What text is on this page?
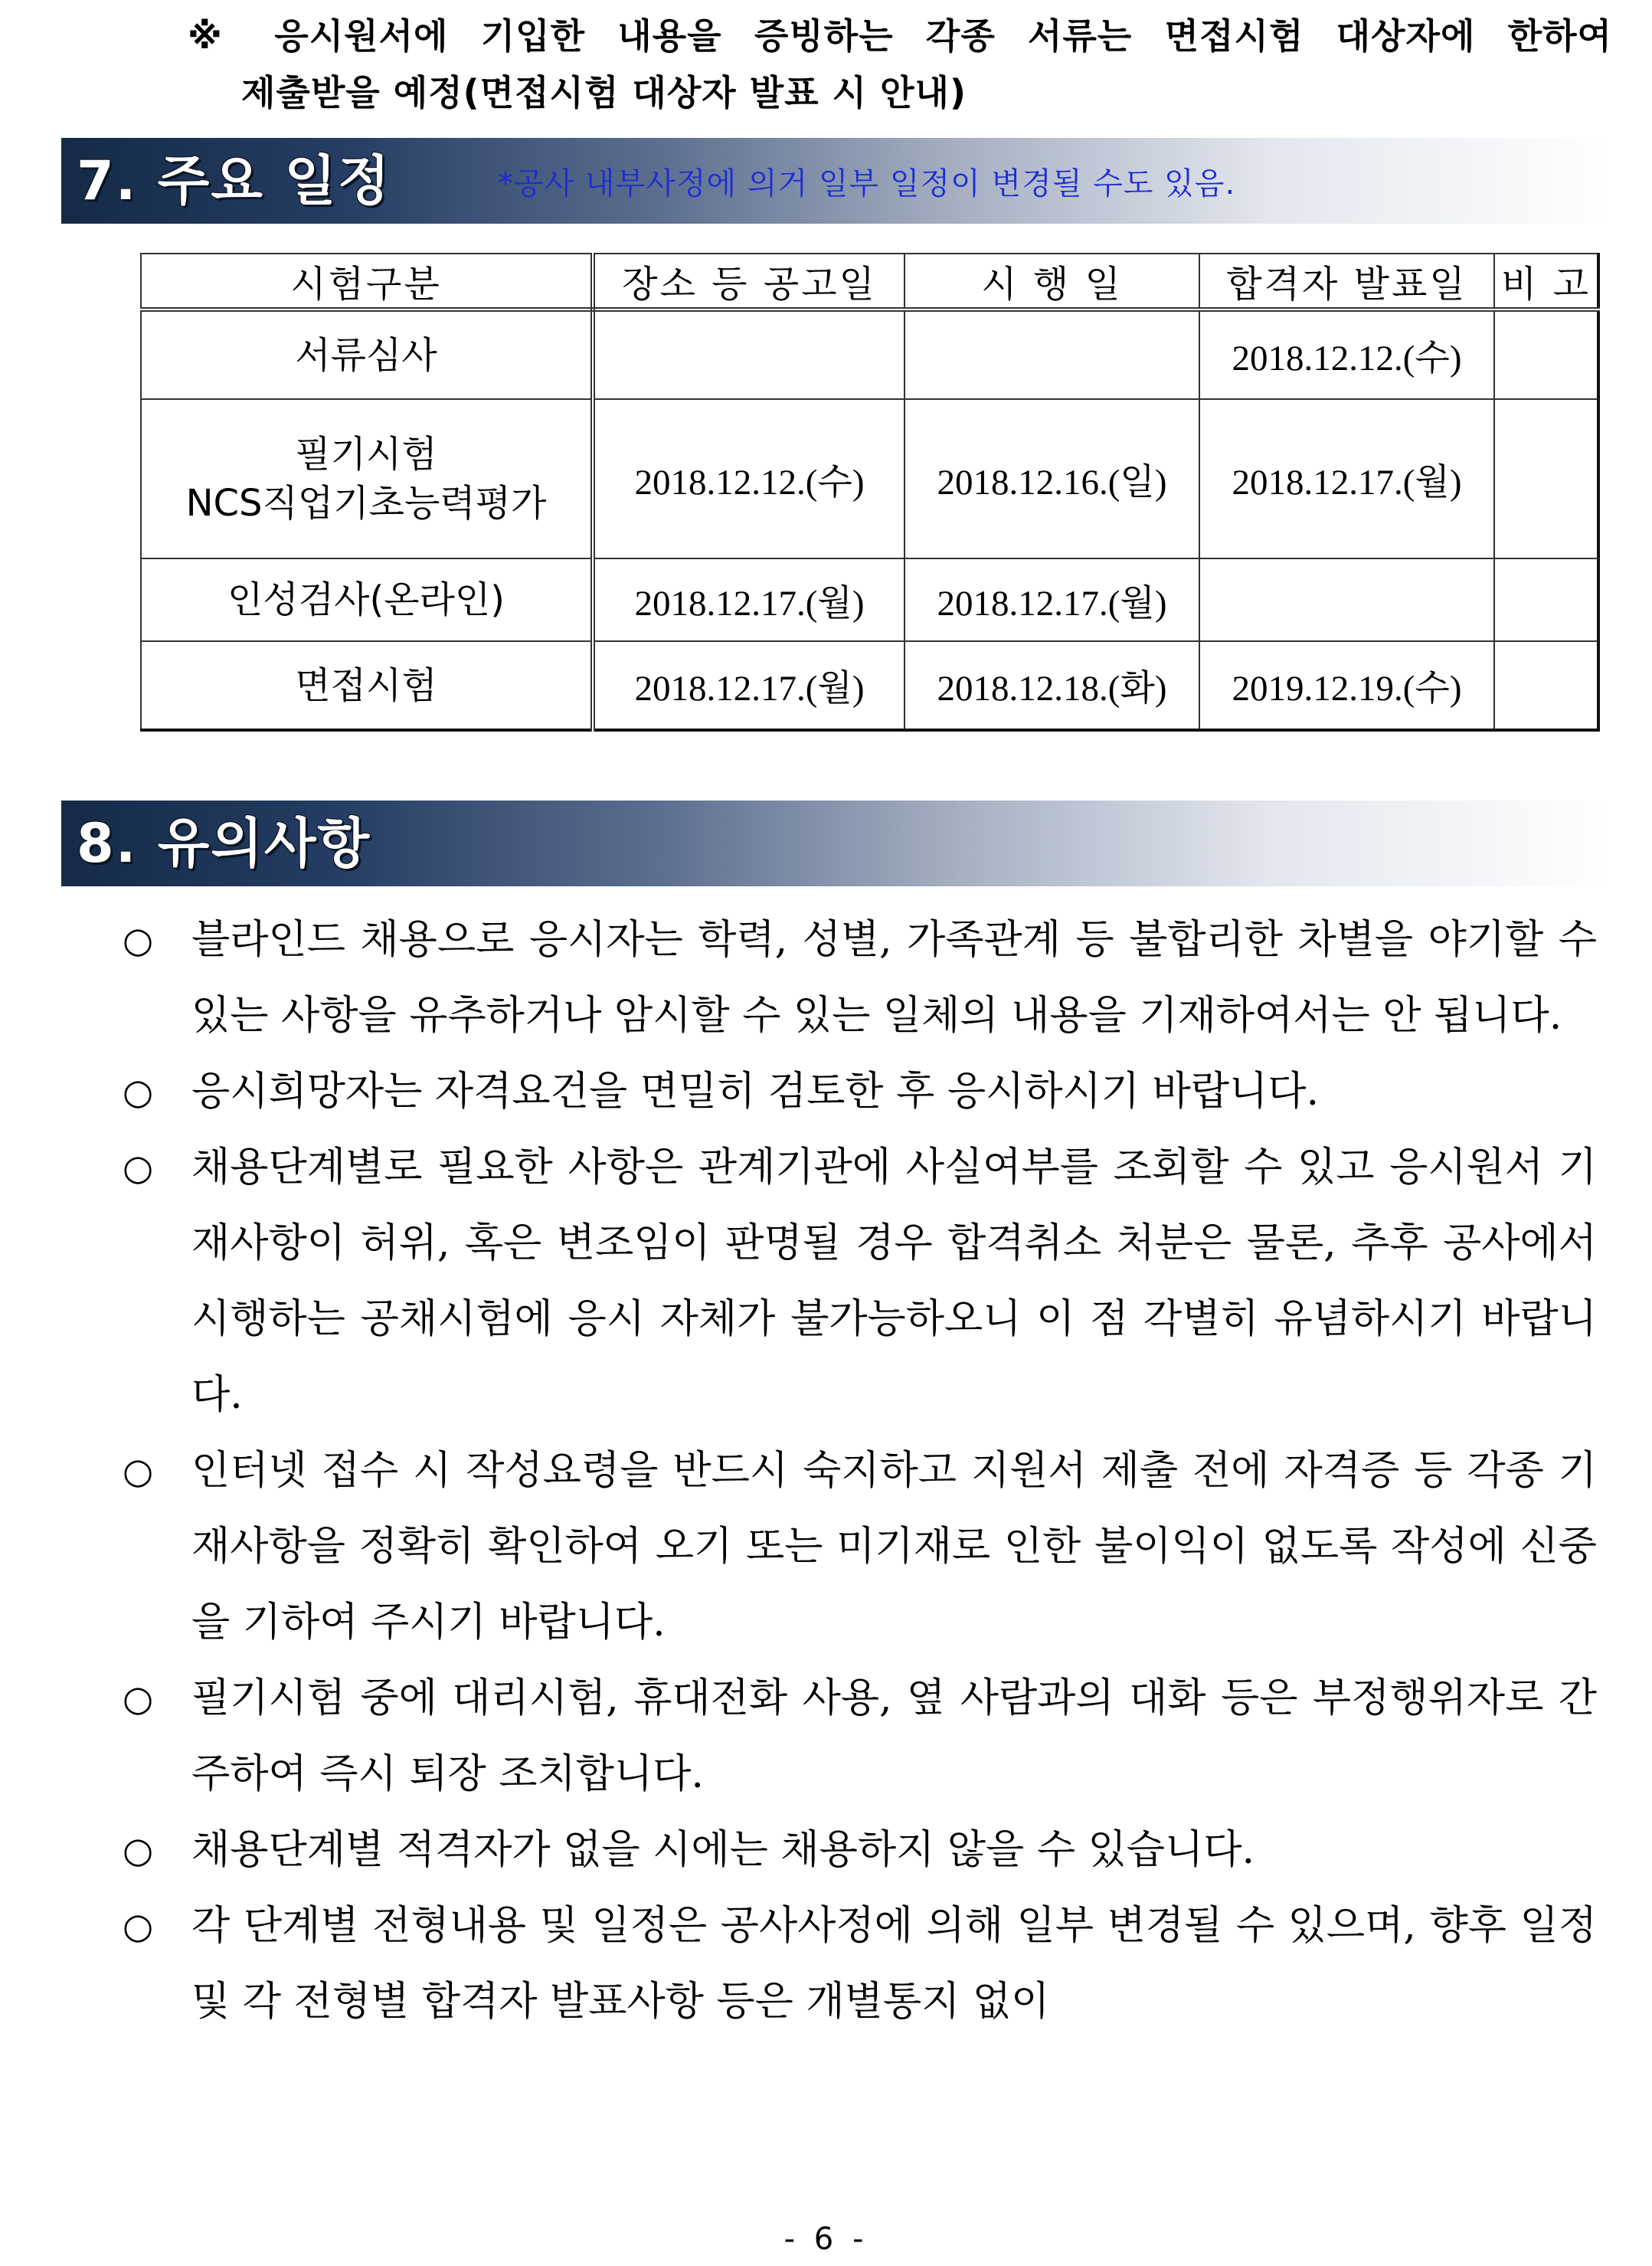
※ 응시원서에 기입한 내용을 증빙하는 각종 서류는 면접시험 대상자에 한하여
제출받을 예정(면접시험 대상자 발표 시 안내)
7. 주요 일정	*공사 내부사정에 의거 일부 일정이 변경될 수도 있음.
시험구분	장소 등 공고일	시 행 일	합격자 발표일	비 고

서류심사			2018.12.12.(수)	

필기시험
NCS직업기초능력평가	2018.12.12.(수)	2018.12.16.(일)	2018.12.17.(월)	

인성검사(온라인)	2018.12.17.(월)	2018.12.17.(월)		

면접시험	2018.12.17.(월)	2018.12.18.(화)	2019.12.19.(수)	
8. 유의사항
○ 블라인드 채용으로 응시자는 학력, 성별, 가족관계 등 불합리한 차별을 야기할 수 있는 사항을 유추하거나 암시할 수 있는 일체의 내용을 기재하여서는 안 됩니다.
○ 응시희망자는 자격요건을 면밀히 검토한 후 응시하시기 바랍니다.
○ 채용단계별로 필요한 사항은 관계기관에 사실여부를 조회할 수 있고 응시원서 기재사항이 허위, 혹은 변조임이 판명될 경우 합격취소 처분은 물론, 추후 공사에서 시행하는 공채시험에 응시 자체가 불가능하오니 이 점 각별히 유념하시기 바랍니다.
○ 인터넷 접수 시 작성요령을 반드시 숙지하고 지원서 제출 전에 자격증 등 각종 기재사항을 정확히 확인하여 오기 또는 미기재로 인한 불이익이 없도록 작성에 신중을 기하여 주시기 바랍니다.
○ 필기시험 중에 대리시험, 휴대전화 사용, 옆 사람과의 대화 등은 부정행위자로 간주하여 즉시 퇴장 조치합니다.
○ 채용단계별 적격자가 없을 시에는 채용하지 않을 수 있습니다.
○ 각 단계별 전형내용 및 일정은 공사사정에 의해 일부 변경될 수 있으며, 향후 일정 및 각 전형별 합격자 발표사항 등은 개별통지 없이
- 6 -
